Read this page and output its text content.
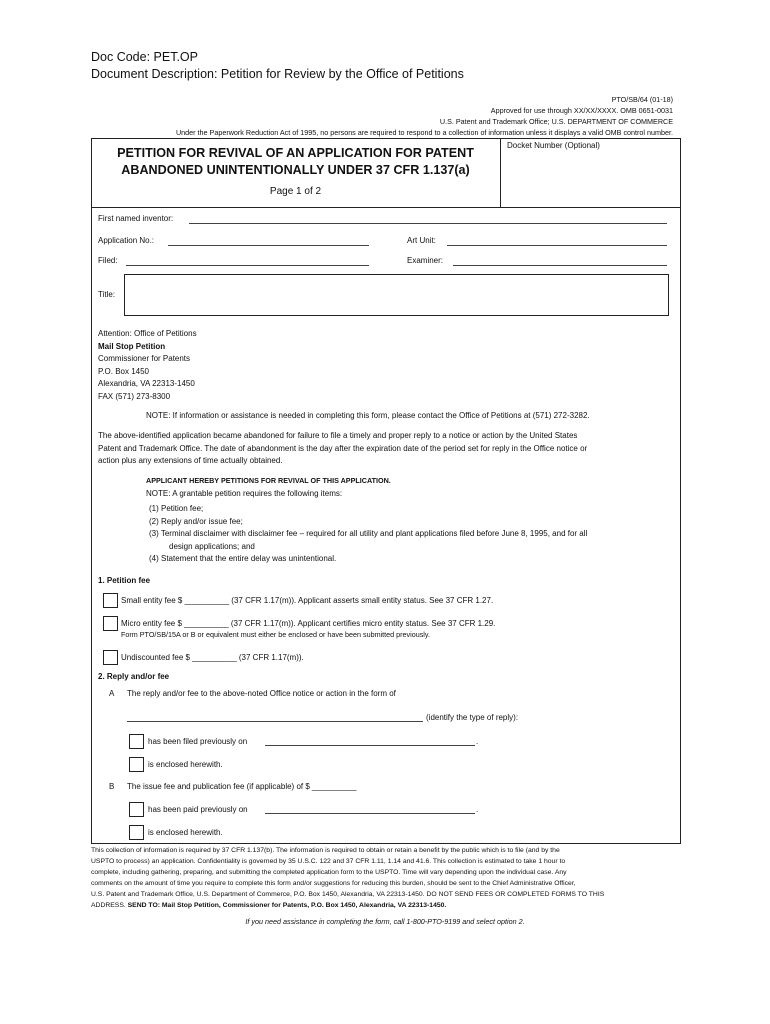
Doc Code: PET.OP
Document Description: Petition for Review by the Office of Petitions
PTO/SB/64 (01-18)
Approved for use through XX/XX/XXXX. OMB 0651-0031
U.S. Patent and Trademark Office; U.S. DEPARTMENT OF COMMERCE
Under the Paperwork Reduction Act of 1995, no persons are required to respond to a collection of information unless it displays a valid OMB control number.
PETITION FOR REVIVAL OF AN APPLICATION FOR PATENT
ABANDONED UNINTENTIONALLY UNDER 37 CFR 1.137(a)
Page 1 of 2
Docket Number (Optional)
First named inventor:
Application No.:	Art Unit:
Filed:	Examiner:
Title:
Attention: Office of Petitions
Mail Stop Petition
Commissioner for Patents
P.O. Box 1450
Alexandria, VA 22313-1450
FAX (571) 273-8300
NOTE: If information or assistance is needed in completing this form, please contact the Office of Petitions at (571) 272-3282.
The above-identified application became abandoned for failure to file a timely and proper reply to a notice or action by the United States
Patent and Trademark Office. The date of abandonment is the day after the expiration date of the period set for reply in the Office notice or
action plus any extensions of time actually obtained.
APPLICANT HEREBY PETITIONS FOR REVIVAL OF THIS APPLICATION.
NOTE: A grantable petition requires the following items:
(1) Petition fee;
(2) Reply and/or issue fee;
(3) Terminal disclaimer with disclaimer fee – required for all utility and plant applications filed before June 8, 1995, and for all
design applications; and
(4) Statement that the entire delay was unintentional.
1. Petition fee
Small entity fee $ __________ (37 CFR 1.17(m)). Applicant asserts small entity status. See 37 CFR 1.27.
Micro entity fee $ __________ (37 CFR 1.17(m)). Applicant certifies micro entity status. See 37 CFR 1.29.
Form PTO/SB/15A or B or equivalent must either be enclosed or have been submitted previously.
Undiscounted fee $ __________ (37 CFR 1.17(m)).
2. Reply and/or fee
A The reply and/or fee to the above-noted Office notice or action in the form of
(identify the type of reply):
has been filed previously on	.
is enclosed herewith.
B The issue fee and publication fee (if applicable) of $ __________
has been paid previously on	.
is enclosed herewith.
This collection of information is required by 37 CFR 1.137(b). The information is required to obtain or retain a benefit by the public which is to file (and by the
USPTO to process) an application. Confidentiality is governed by 35 U.S.C. 122 and 37 CFR 1.11, 1.14 and 41.6. This collection is estimated to take 1 hour to
complete, including gathering, preparing, and submitting the completed application form to the USPTO. Time will vary depending upon the individual case. Any
comments on the amount of time you require to complete this form and/or suggestions for reducing this burden, should be sent to the Chief Administrative Officer,
U.S. Patent and Trademark Office, U.S. Department of Commerce, P.O. Box 1450, Alexandria, VA 22313-1450. DO NOT SEND FEES OR COMPLETED FORMS TO THIS
ADDRESS. SEND TO: Mail Stop Petition, Commissioner for Patents, P.O. Box 1450, Alexandria, VA 22313-1450.
If you need assistance in completing the form, call 1-800-PTO-9199 and select option 2.
